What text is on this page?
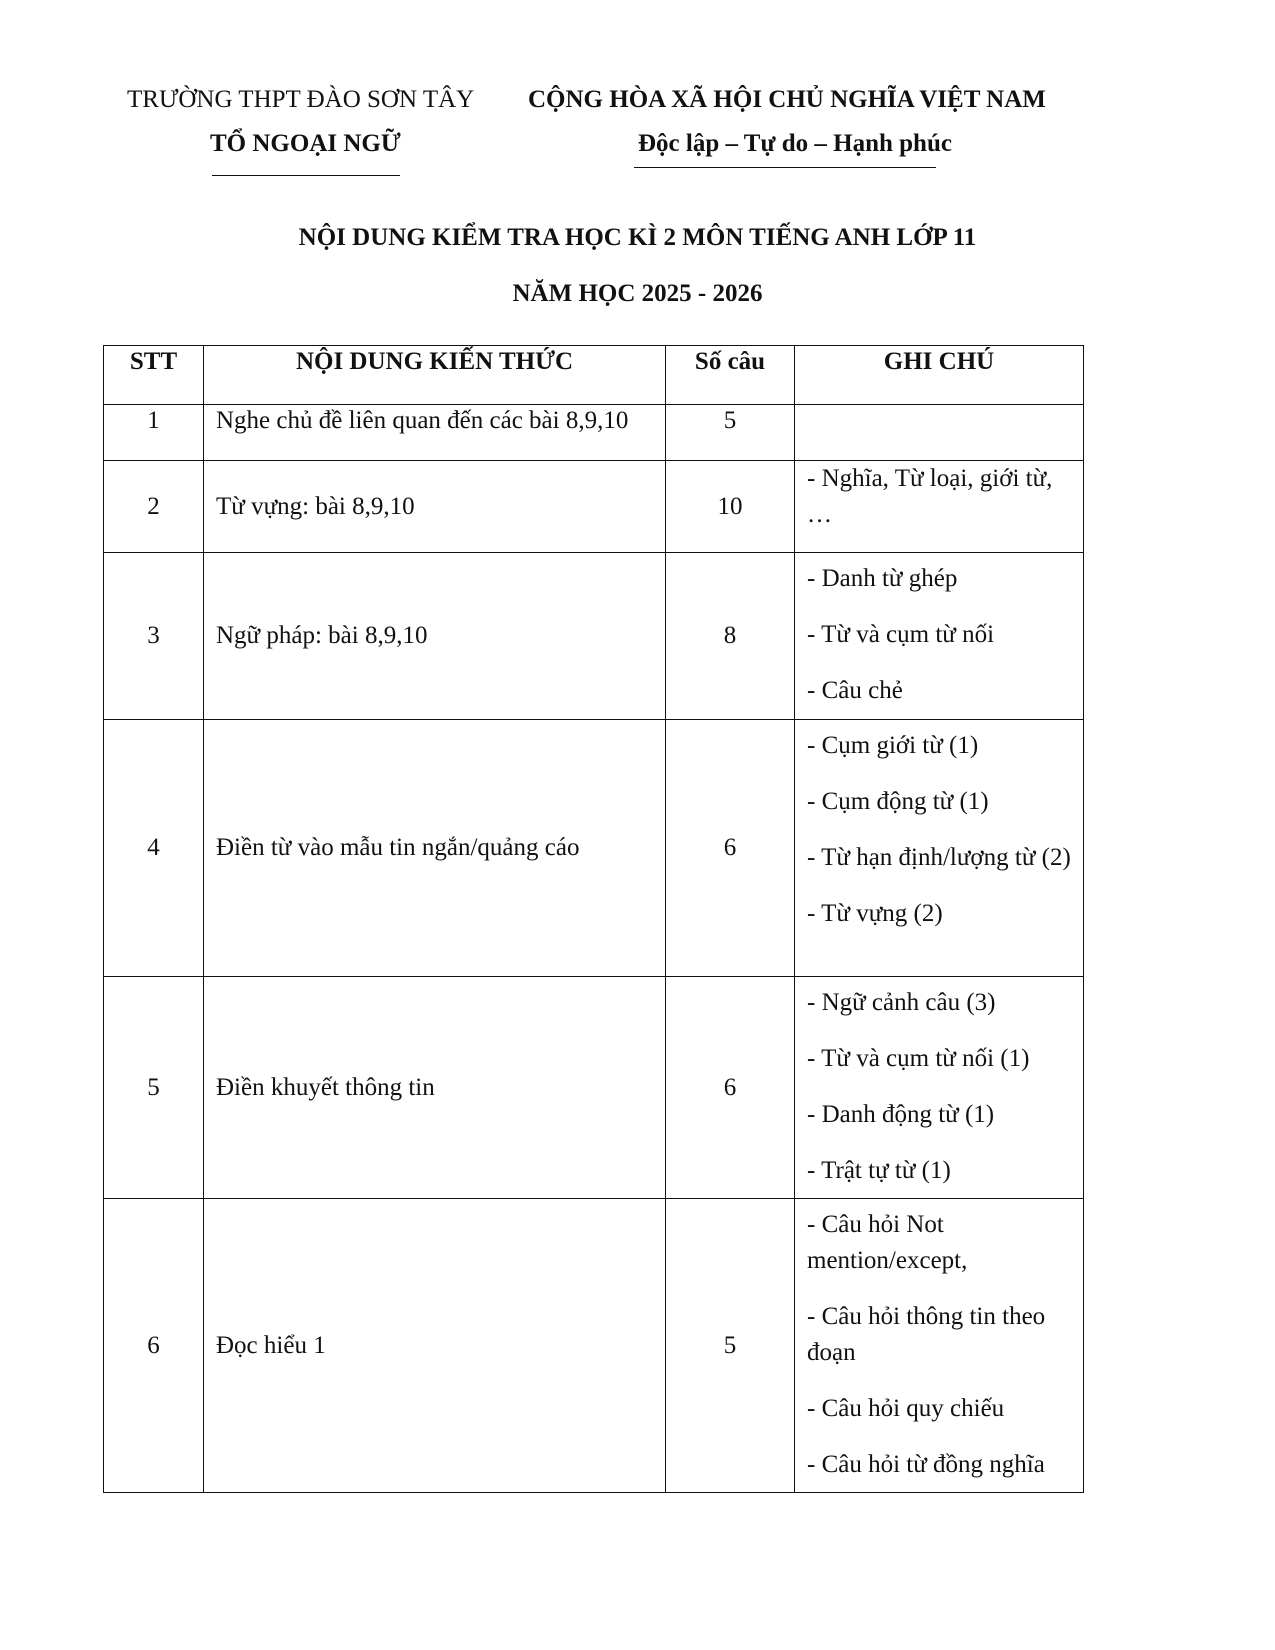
TRƯỜNG THPT ĐÀO SƠN TÂY
TỔ NGOẠI NGỮ
CỘNG HÒA XÃ HỘI CHỦ NGHĨA VIỆT NAM
Độc lập – Tự do – Hạnh phúc
NỘI DUNG KIỂM TRA HỌC KÌ 2 MÔN TIẾNG ANH LỚP 11
NĂM HỌC 2025 - 2026
STT	NỘI DUNG KIẾN THỨC	Số câu	GHI CHÚ
1	Nghe chủ đề liên quan đến các bài 8,9,10	5	
2	Từ vựng: bài 8,9,10	10	- Nghĩa, Từ loại, giới từ, …

3	Ngữ pháp: bài 8,9,10	8	- Danh từ ghép
- Từ và cụm từ nối
- Câu chẻ

4	Điền từ vào mẫu tin ngắn/quảng cáo	6	- Cụm giới từ (1)
- Cụm động từ (1)
- Từ hạn định/lượng từ (2)
- Từ vựng (2)

5	Điền khuyết thông tin	6	- Ngữ cảnh câu (3)
- Từ và cụm từ nối (1)
- Danh động từ (1)
- Trật tự từ (1)

6	Đọc hiểu 1	5	- Câu hỏi Not mention/except,
- Câu hỏi thông tin theo đoạn
- Câu hỏi quy chiếu
- Câu hỏi từ đồng nghĩa
